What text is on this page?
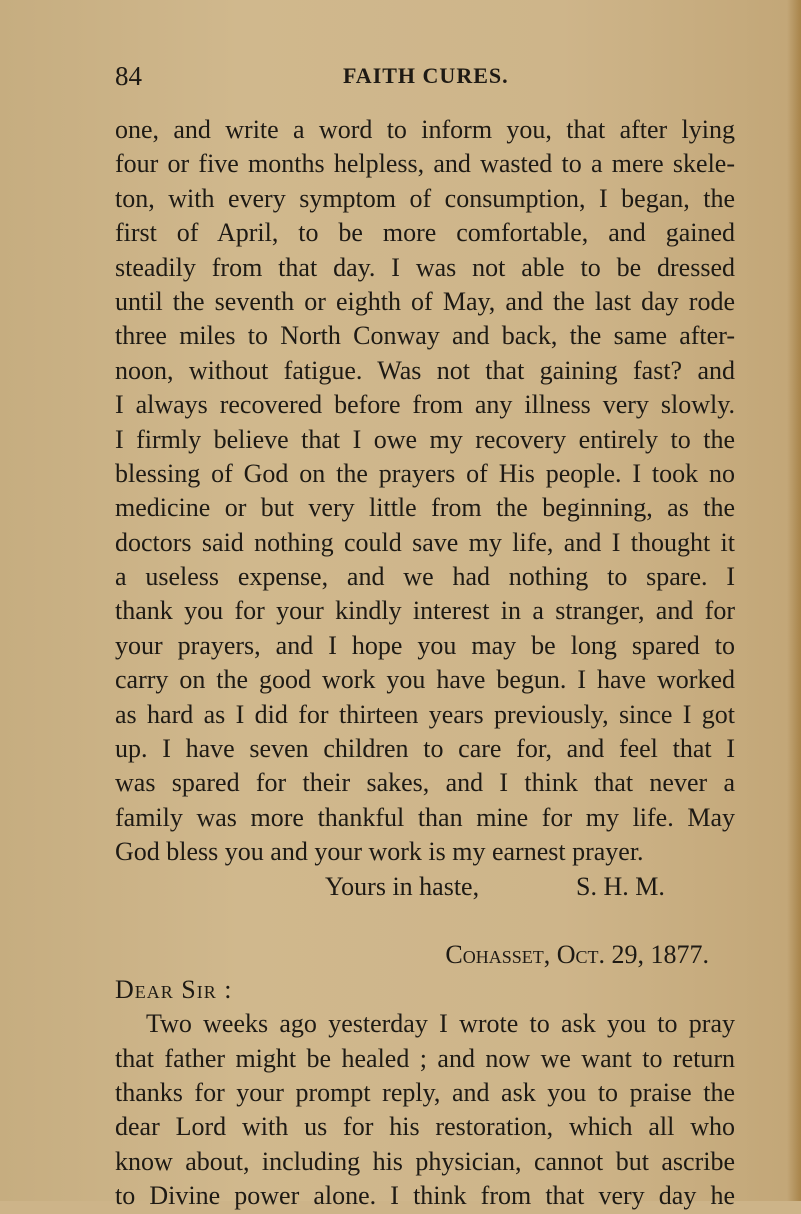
84	FAITH CURES.
one, and write a word to inform you, that after lying
four or five months helpless, and wasted to a mere skele-
ton, with every symptom of consumption, I began, the
first of April, to be more comfortable, and gained
steadily from that day. I was not able to be dressed
until the seventh or eighth of May, and the last day rode
three miles to North Conway and back, the same after-
noon, without fatigue. Was not that gaining fast? and
I always recovered before from any illness very slowly.
I firmly believe that I owe my recovery entirely to the
blessing of God on the prayers of His people. I took no
medicine or but very little from the beginning, as the
doctors said nothing could save my life, and I thought it
a useless expense, and we had nothing to spare. I
thank you for your kindly interest in a stranger, and for
your prayers, and I hope you may be long spared to
carry on the good work you have begun. I have worked
as hard as I did for thirteen years previously, since I got
up. I have seven children to care for, and feel that I
was spared for their sakes, and I think that never a
family was more thankful than mine for my life. May
God bless you and your work is my earnest prayer.
Yours in haste,	S. H. M.
Cohasset, Oct. 29, 1877.
Dear Sir :
Two weeks ago yesterday I wrote to ask you to pray
that father might be healed ; and now we want to return
thanks for your prompt reply, and ask you to praise the
dear Lord with us for his restoration, which all who
know about, including his physician, cannot but ascribe
to Divine power alone. I think from that very day he
